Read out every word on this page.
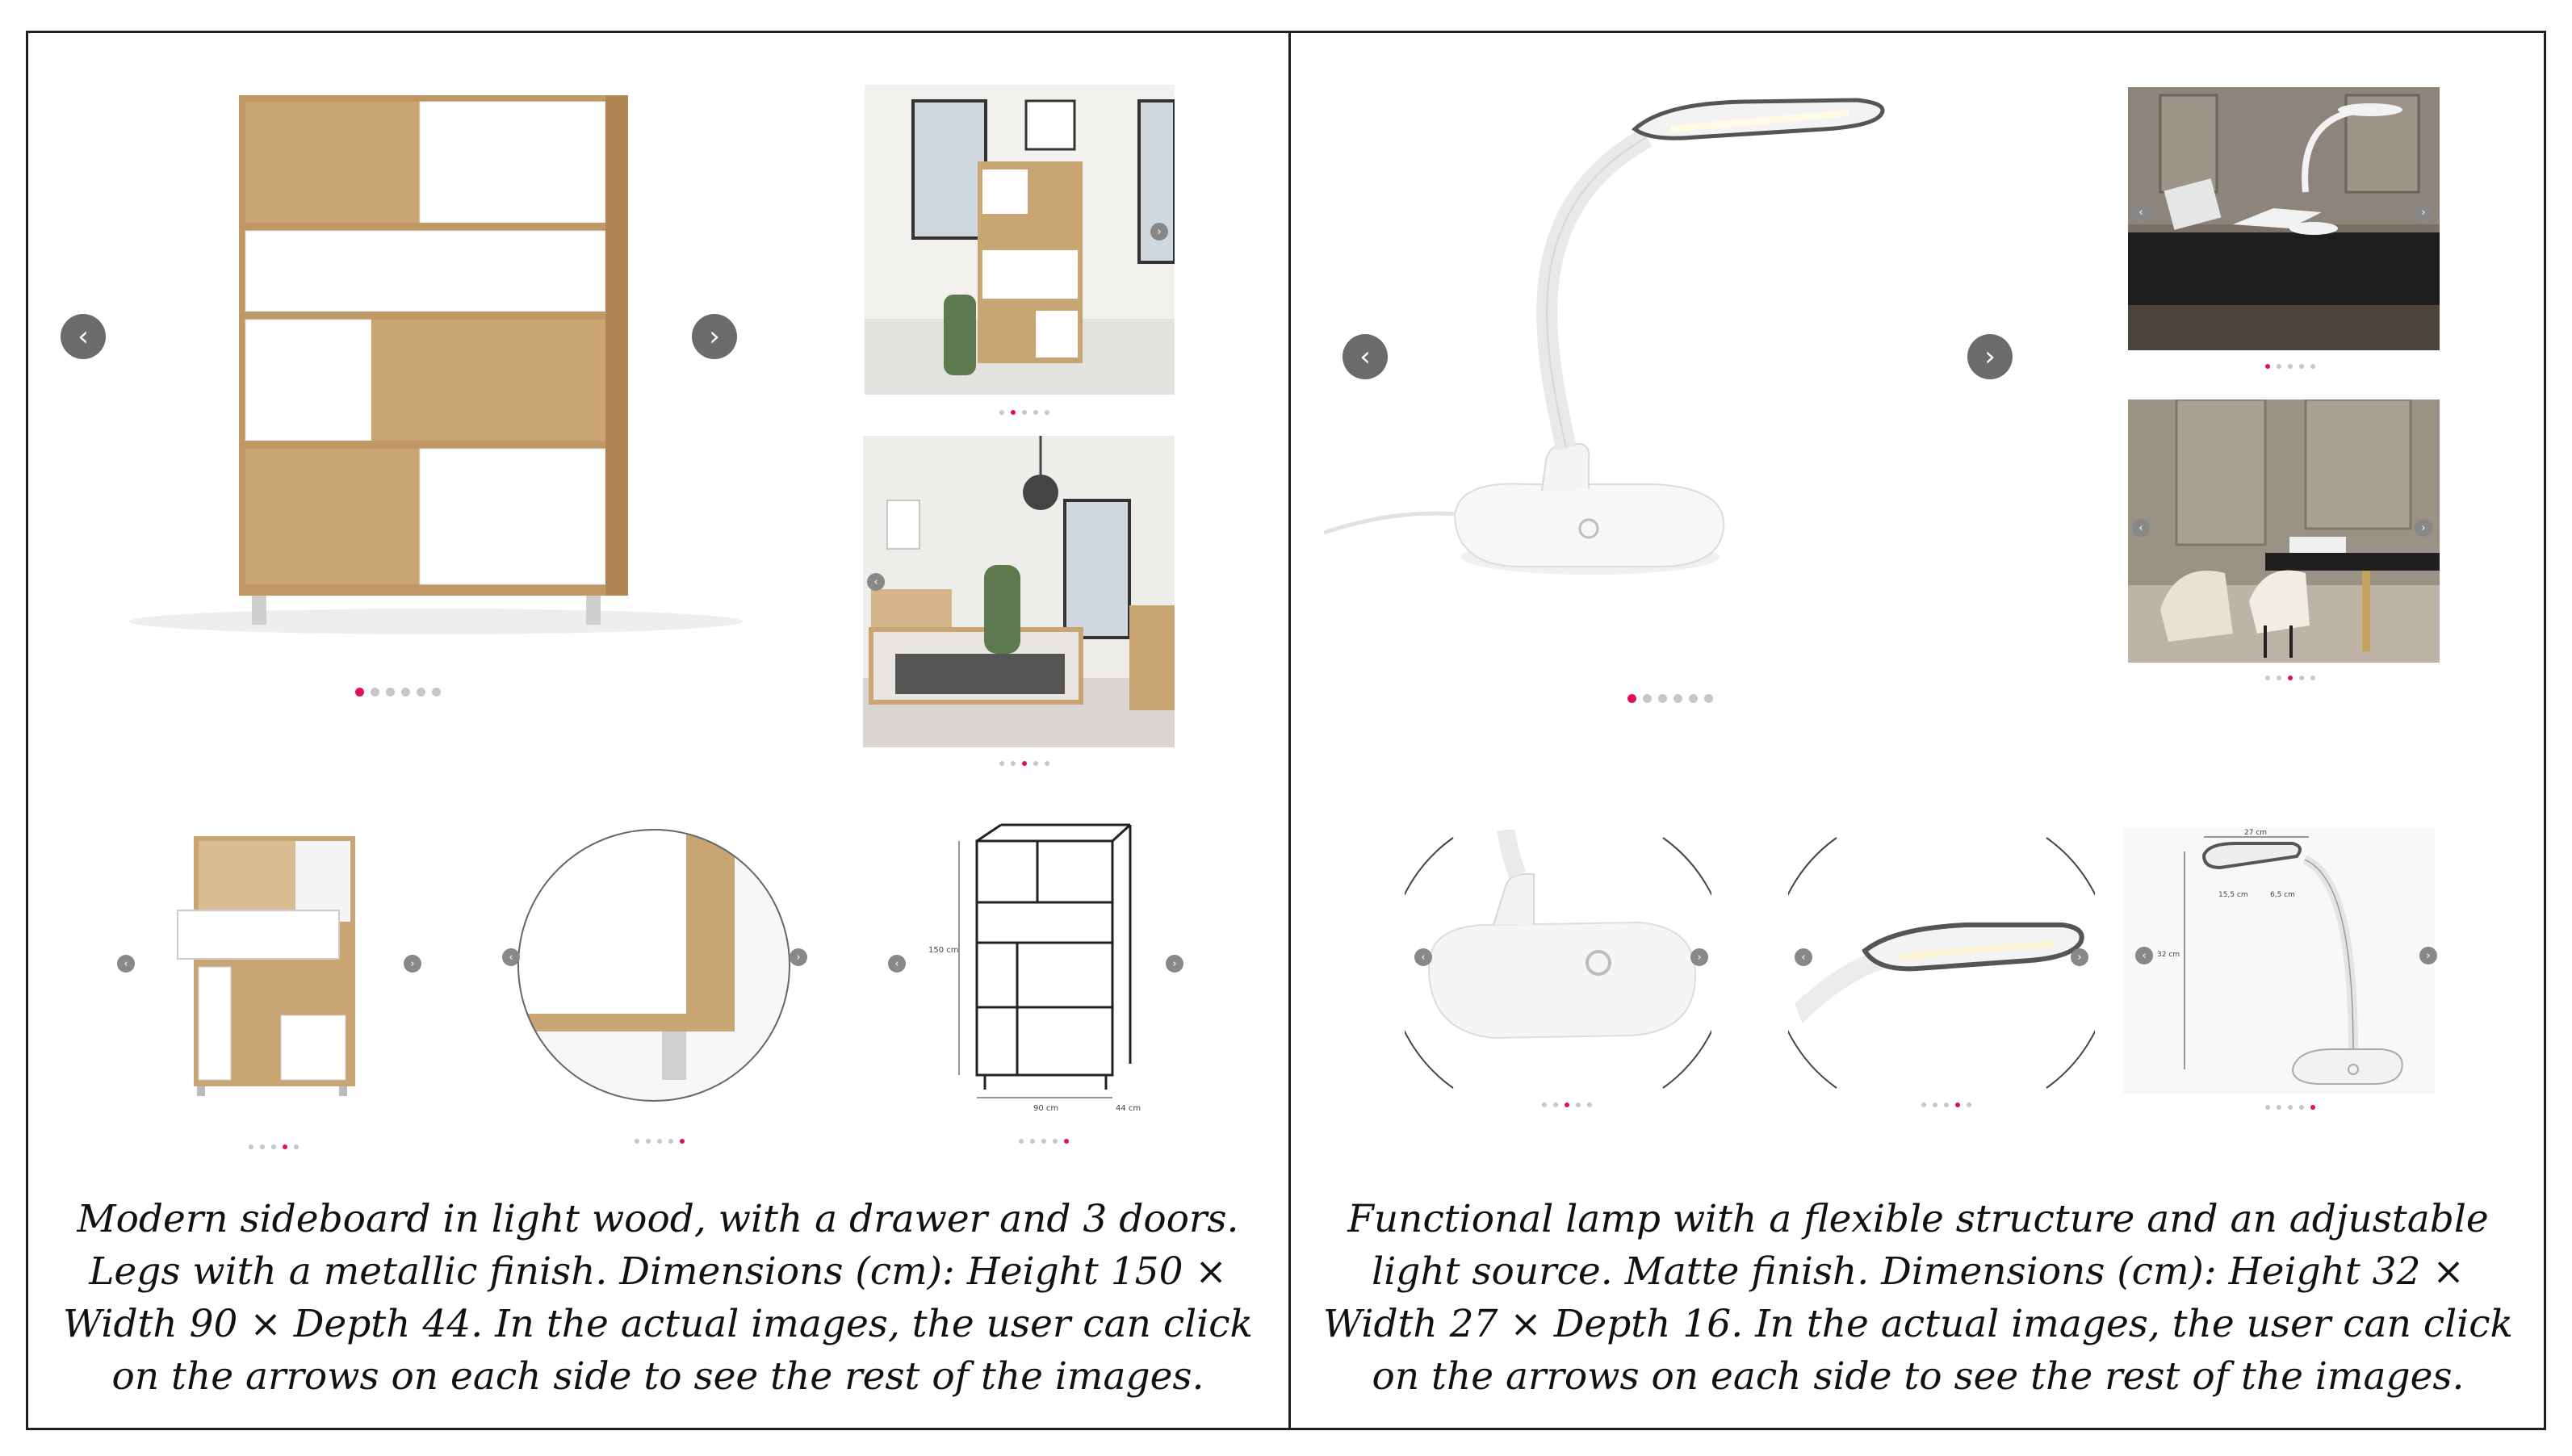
‹	›
›
‹
‹	›
‹	›
150 cm
90 cm	44 cm
‹	›
Modern sideboard in light wood, with a drawer and 3 doors.
Legs with a metallic finish. Dimensions (cm): Height 150 ×
Width 90 × Depth 44. In the actual images, the user can click
on the arrows on each side to see the rest of the images.
‹	›
‹	›
‹	›
‹	›	‹	›
27 cm
15,5 cm	6,5 cm
32 cm
‹	›
Functional lamp with a flexible structure and an adjustable
light source. Matte finish. Dimensions (cm): Height 32 ×
Width 27 × Depth 16. In the actual images, the user can click
on the arrows on each side to see the rest of the images.
